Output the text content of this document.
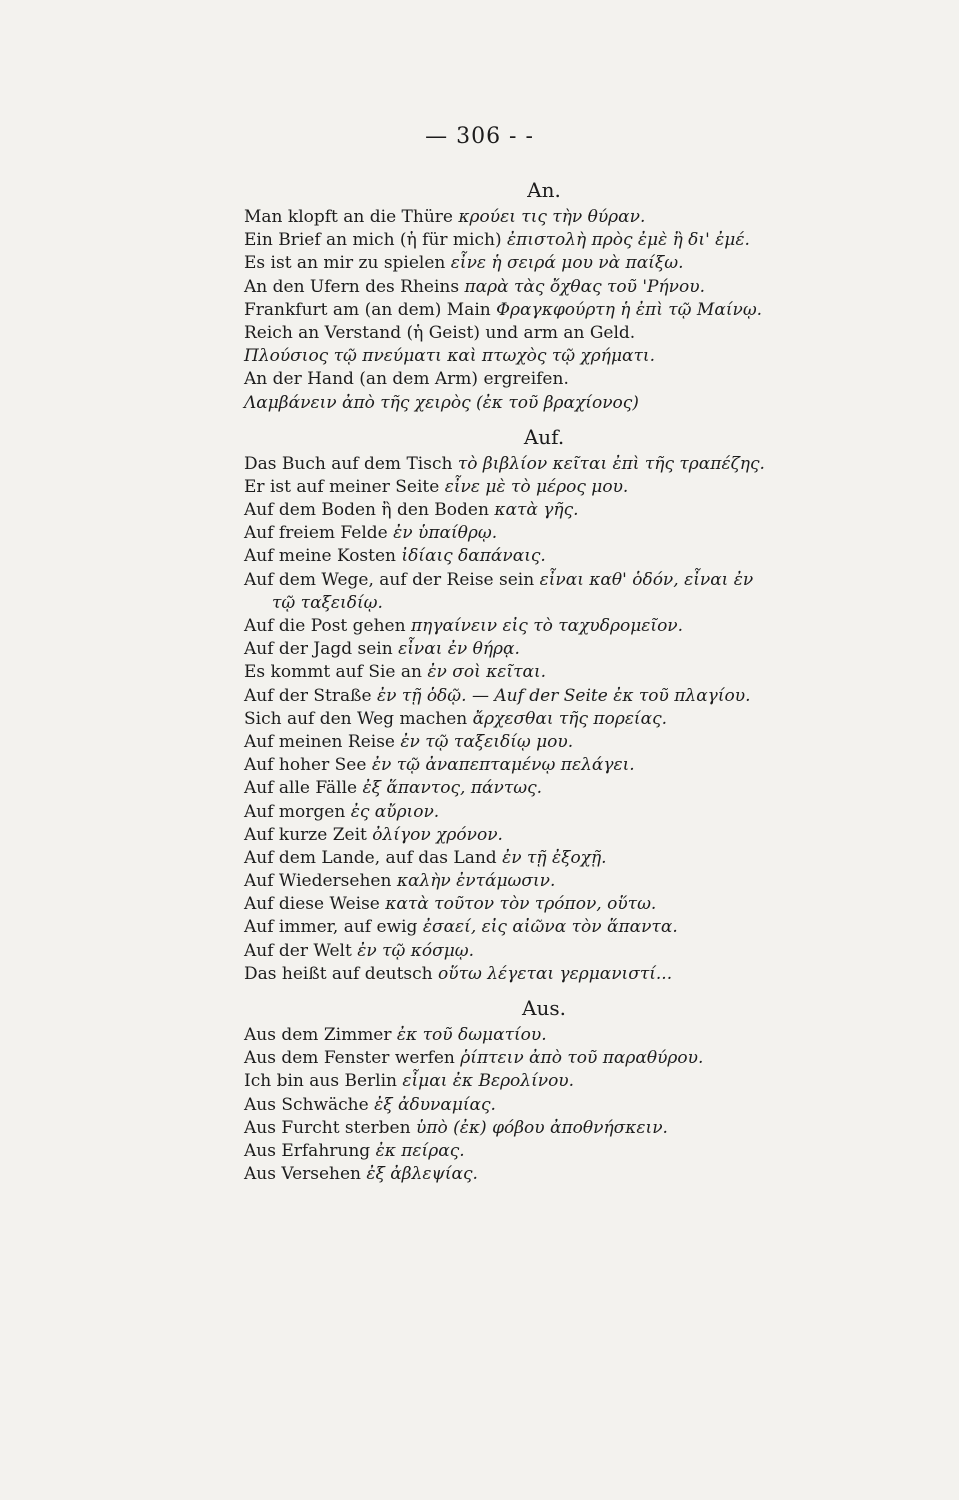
— 306 - -
An.
Man klopft an die Thüre κρούει τις τὴν θύραν.
Ein Brief an mich (ἡ für mich) ἐπιστολὴ πρὸς ἐμὲ ἢ δι' ἐμέ.
Es ist an mir zu spielen εἶνε ἡ σειρά μου νὰ παίξω.
An den Ufern des Rheins παρὰ τὰς ὄχθας τοῦ 'Ρήνου.
Frankfurt am (an dem) Main Φραγκφούρτη ἡ ἐπὶ τῷ Μαίνῳ.
Reich an Verstand (ἡ Geist) und arm an Geld.
Πλούσιος τῷ πνεύματι καὶ πτωχὸς τῷ χρήματι.
An der Hand (an dem Arm) ergreifen.
Λαμβάνειν ἀπὸ τῆς χειρὸς (ἐκ τοῦ βραχίονος)
Auf.
Das Buch auf dem Tisch τὸ βιβλίον κεῖται ἐπὶ τῆς τραπέζης.
Er ist auf meiner Seite εἶνε μὲ τὸ μέρος μου.
Auf dem Boden ἢ den Boden κατὰ γῆς.
Auf freiem Felde ἐν ὑπαίθρῳ.
Auf meine Kosten ἰδίαις δαπάναις.
Auf dem Wege, auf der Reise sein εἶναι καθ' ὁδόν, εἶναι ἐν
τῷ ταξειδίῳ.
Auf die Post gehen πηγαίνειν εἰς τὸ ταχυδρομεῖον.
Auf der Jagd sein εἶναι ἐν θήρᾳ.
Es kommt auf Sie an ἐν σοὶ κεῖται.
Auf der Straße ἐν τῇ ὁδῷ. — Auf der Seite ἐκ τοῦ πλαγίου.
Sich auf den Weg machen ἄρχεσθαι τῆς πορείας.
Auf meinen Reise ἐν τῷ ταξειδίῳ μου.
Auf hoher See ἐν τῷ ἀναπεπταμένῳ πελάγει.
Auf alle Fälle ἐξ ἅπαντος, πάντως.
Auf morgen ἐς αὔριον.
Auf kurze Zeit ὀλίγον χρόνον.
Auf dem Lande, auf das Land ἐν τῇ ἐξοχῇ.
Auf Wiedersehen καλὴν ἐντάμωσιν.
Auf diese Weise κατὰ τοῦτον τὸν τρόπον, οὕτω.
Auf immer, auf ewig ἐσαεί, εἰς αἰῶνα τὸν ἅπαντα.
Auf der Welt ἐν τῷ κόσμῳ.
Das heißt auf deutsch οὕτω λέγεται γερμανιστί...
Aus.
Aus dem Zimmer ἐκ τοῦ δωματίου.
Aus dem Fenster werfen ῥίπτειν ἀπὸ τοῦ παραθύρου.
Ich bin aus Berlin εἶμαι ἐκ Βερολίνου.
Aus Schwäche ἐξ ἀδυναμίας.
Aus Furcht sterben ὑπὸ (ἐκ) φόβου ἀποθνήσκειν.
Aus Erfahrung ἐκ πείρας.
Aus Versehen ἐξ ἀβλεψίας.
